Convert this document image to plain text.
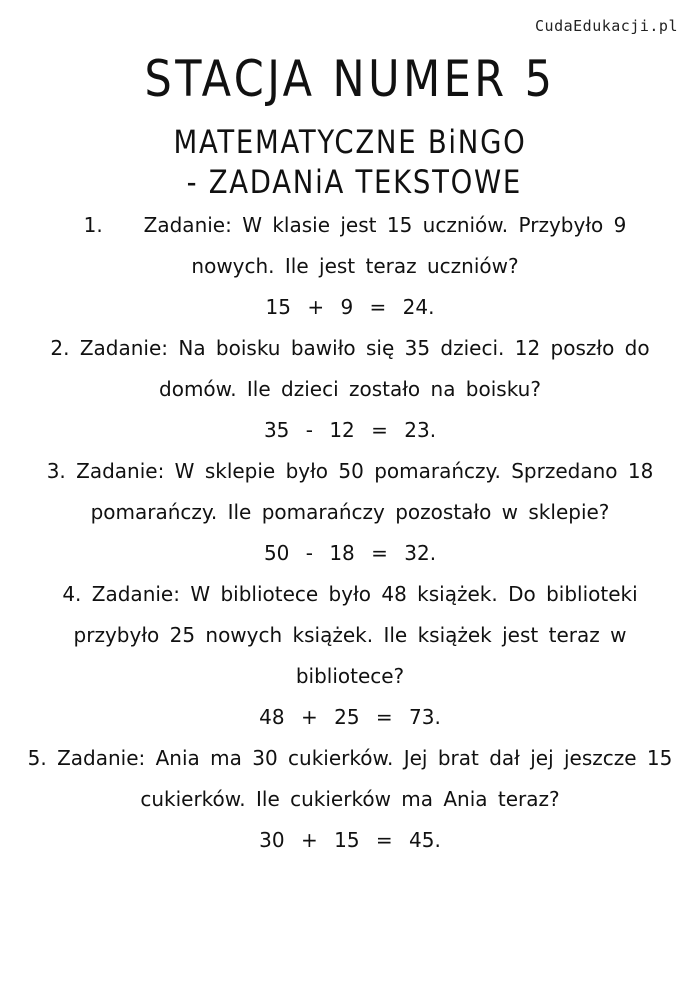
CudaEdukacji.pl
STACJA NUMER 5
MATEMATYCZNE BiNGO
- ZADANiA TEKSTOWE

1. Zadanie: W klasie jest 15 uczniów. Przybyło 9 nowych. Ile jest teraz uczniów?

15 + 9 = 24.

2. Zadanie: Na boisku bawiło się 35 dzieci. 12 poszło do domów. Ile dzieci zostało na boisku?

35 - 12 = 23.

3. Zadanie: W sklepie było 50 pomarańczy. Sprzedano 18 pomarańczy. Ile pomarańczy pozostało w sklepie?

50 - 18 = 32.

4. Zadanie: W bibliotece było 48 książek. Do biblioteki przybyło 25 nowych książek. Ile książek jest teraz w bibliotece?

48 + 25 = 73.

5. Zadanie: Ania ma 30 cukierków. Jej brat dał jej jeszcze 15 cukierków. Ile cukierków ma Ania teraz?

30 + 15 = 45.
